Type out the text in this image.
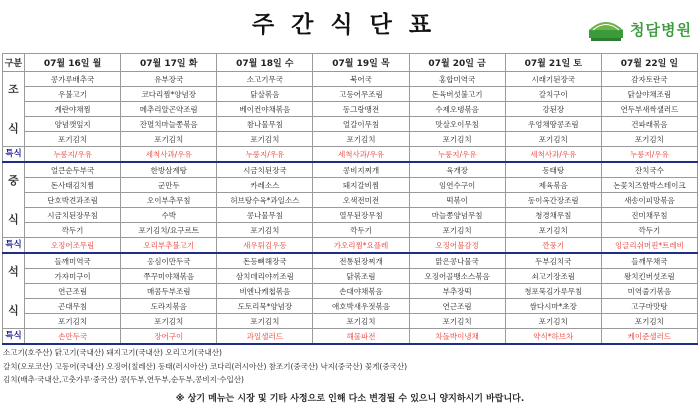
주간식단표	청담병원
구분	07월 16일 월	07월 17일 화	07월 18일 수	07월 19일 목	07월 20일 금	07월 21일 토	07월 22일 일
조

식	콩가루배추국	유부장국	소고기무국	북어국	홍합미역국	시래기된장국	감자토란국
	우불고기	코다리찜*양념장	닭살볶음	고등어무조림	돈육버섯불고기	갈치구이	닭살야채조림
	계란야채찜	메추리알곤약조림	베이컨야채볶음	동그랑땡전	수제오뎅볶음	강된장	연두부새싹샐러드
	양념깻잎지	잔멸치마늘쫑볶음	참나물무침	얼갈이무침	맛살오이무침	우엉채땅콩조림	건파래볶음
	포기김치	포기김치	포기김치	포기김치	포기김치	포기김치	포기김치
특식	누룽지/우유	세척사과/우유	누룽지/우유	세척사과/우유	누룽지/우유	세척사과/우유	누룽지/우유
중

식	얼큰순두부국	한방삼계탕	시금치된장국	콩비지찌개	육개장	동태탕	잔치국수
	돈사태김치찜	군만두	카레소스	돼지갈비찜	임연수구이	제육볶음	논꽃치즈함박스테이크
	단호박견과조림	오이부추무침	허브탕수육*과일소스	오색전미전	떡볶이	동이옥간장조림	새송이피망볶음
	시금치된장무침	수박	콩나물무침	열무된장무침	마늘쫑양념무침	청경채무침	진미채무침
	깍두기	포기김치/요구르트	포기김치	깍두기	포기김치	포기김치	깍두기
특식	오징어조무림	오리부추불고기	새우튀김우동	가오리찜*요플레	오징어불감정	깐풍기	잉글리쉬머핀*트레비
석

식	들깨미역국	옹심이만두국	돈등뼈해장국	전통된장찌개	맑은콩나물국	두부김치국	들깨무채국
	가자미구이	쭈꾸미야채볶음	삼치데리야끼조림	닭볶조림	오징어골뱅소스볶음	쇠고기장조림	왕치킨버섯조림
	연근조림	매콤두부조림	비엔나케첩볶음	손대야채볶음	부추장떡	청포묵김가루무침	미역줄기볶음
	곤대무침	도라지볶음	도토리묵*양념장	애호박새우젓볶음	연근조림	쌈다시마*초장	고구마맛탕
	포기김치	포기김치	포기김치	포기김치	포기김치	포기김치	포기김치
특식	손만두국	장어구이	과일샐러드	해물파전	차돌박이냉채	약식*하브차	케이준샐러드
소고기(호주산) 닭고기(국내산) 돼지고기(국내산) 오리고기(국내산)
갈치(오로코산) 고등어(국내산) 오징어(칠레산) 동태(러시아산) 코다리(러시아산) 참조기(중국산) 낙지(중국산) 꽃게(중국산)
김치(배추·국내산,고춧가루·중국산) 콩(두부,연두부,순두부,콩비지·수입산)
※ 상기 메뉴는 시장 및 기타 사정으로 인해 다소 변경될 수 있으니 양지하시기 바랍니다.
